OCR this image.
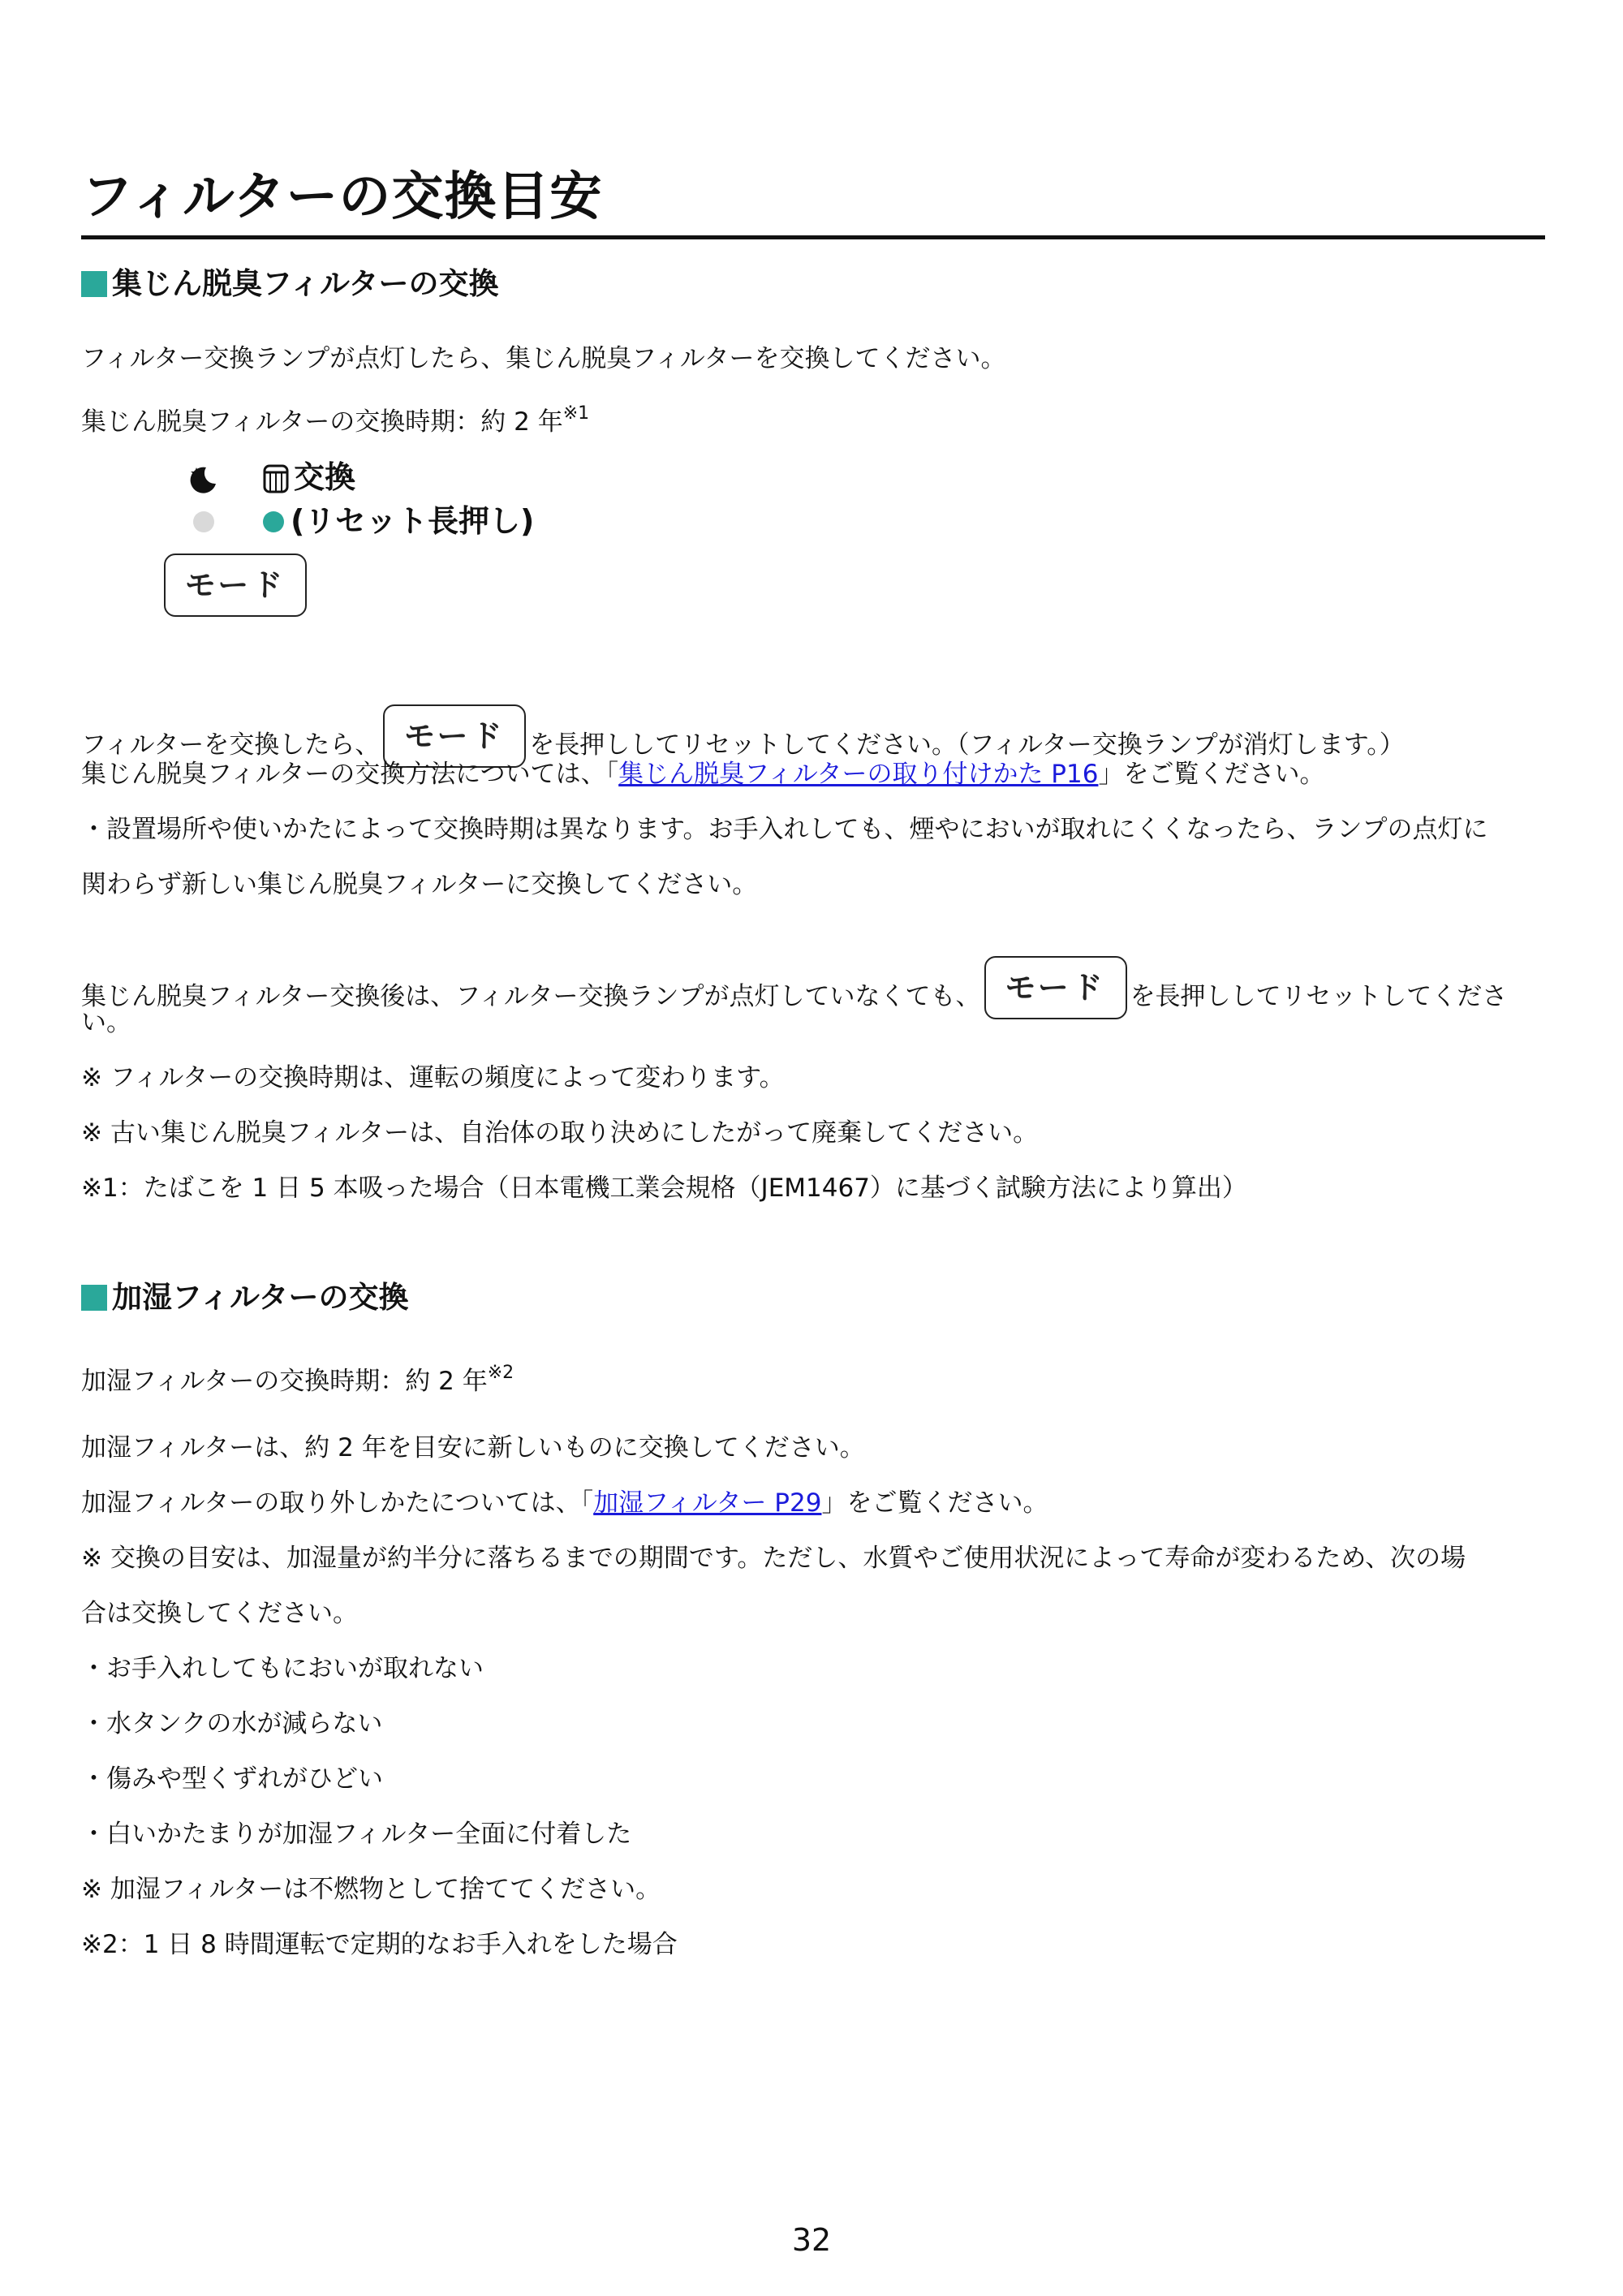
フィルターの交換目安
集じん脱臭フィルターの交換
フィルター交換ランプが点灯したら、集じん脱臭フィルターを交換してください。
集じん脱臭フィルターの交換時期：約 2 年$^{※1}$
交換
(リセット長押し)
モード
フィルターを交換したら、 モード を長押ししてリセットしてください。（フィルター交換ランプが消灯します。）
集じん脱臭フィルターの交換方法については、「集じん脱臭フィルターの取り付けかた P16」をご覧ください。
・設置場所や使いかたによって交換時期は異なります。お手入れしても、煙やにおいが取れにくくなったら、ランプの点灯に
関わらず新しい集じん脱臭フィルターに交換してください。
集じん脱臭フィルター交換後は、フィルター交換ランプが点灯していなくても、 モード を長押ししてリセットしてくださ
い。
※ フィルターの交換時期は、運転の頻度によって変わります。
※ 古い集じん脱臭フィルターは、自治体の取り決めにしたがって廃棄してください。
※1：たばこを 1 日 5 本吸った場合（日本電機工業会規格（JEM1467）に基づく試験方法により算出）
加湿フィルターの交換
加湿フィルターの交換時期：約 2 年$^{※2}$
加湿フィルターは、約 2 年を目安に新しいものに交換してください。
加湿フィルターの取り外しかたについては、「加湿フィルター P29」をご覧ください。
※ 交換の目安は、加湿量が約半分に落ちるまでの期間です。ただし、水質やご使用状況によって寿命が変わるため、次の場
合は交換してください。
・お手入れしてもにおいが取れない
・水タンクの水が減らない
・傷みや型くずれがひどい
・白いかたまりが加湿フィルター全面に付着した
※ 加湿フィルターは不燃物として捨ててください。
※2：1 日 8 時間運転で定期的なお手入れをした場合
32
